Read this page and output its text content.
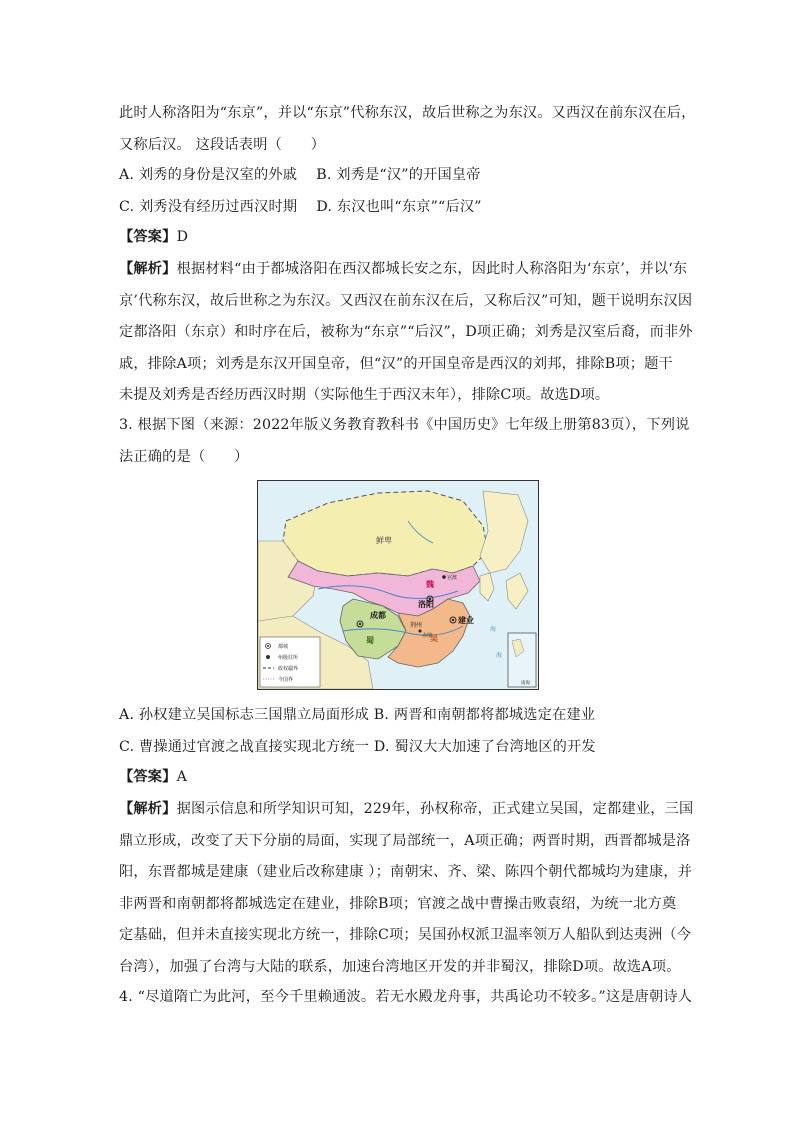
此时人称洛阳为“东京”，并以“东京”代称东汉，故后世称之为东汉。又西汉在前东汉在后，
又称后汉。 这段话表明（　　）

A. 刘秀的身份是汉室的外戚　 B. 刘秀是“汉”的开国皇帝
C. 刘秀没有经历过西汉时期　 D. 东汉也叫“东京”“后汉”

【答案】D

【解析】根据材料“由于都城洛阳在西汉都城长安之东，因此时人称洛阳为‘东京’，并以‘东
京’代称东汉，故后世称之为东汉。又西汉在前东汉在后，又称后汉”可知，题干说明东汉因
定都洛阳（东京）和时序在后，被称为“东京”“后汉”，D项正确；刘秀是汉室后裔，而非外
戚，排除A项；刘秀是东汉开国皇帝，但“汉”的开国皇帝是西汉的刘邦，排除B项；题干
未提及刘秀是否经历西汉时期（实际他生于西汉末年），排除C项。故选D项。

3. 根据下图（来源：2022年版义务教育教科书《中国历史》七年级上册第83页），下列说
法正确的是（　　）

鲜卑
魏
蜀	吴
洛阳
成都
建业
荆州
官渡
赤壁
海
海
南海
都城
州级驻所
政权疆界
今国界

A. 孙权建立吴国标志三国鼎立局面形成 B. 两晋和南朝都将都城选定在建业
C. 曹操通过官渡之战直接实现北方统一 D. 蜀汉大大加速了台湾地区的开发

【答案】A

【解析】据图示信息和所学知识可知，229年，孙权称帝，正式建立吴国，定都建业，三国
鼎立形成，改变了天下分崩的局面，实现了局部统一，A项正确；两晋时期，西晋都城是洛
阳，东晋都城是建康（建业后改称建康 ）；南朝宋、齐、梁、陈四个朝代都城均为建康，并
非两晋和南朝都将都城选定在建业，排除B项；官渡之战中曹操击败袁绍，为统一北方奠
定基础，但并未直接实现北方统一，排除C项；吴国孙权派卫温率领万人船队到达夷洲（今
台湾），加强了台湾与大陆的联系，加速台湾地区开发的并非蜀汉，排除D项。故选A项。

4. “尽道隋亡为此河，至今千里赖通波。若无水殿龙舟事，共禹论功不较多。”这是唐朝诗人
